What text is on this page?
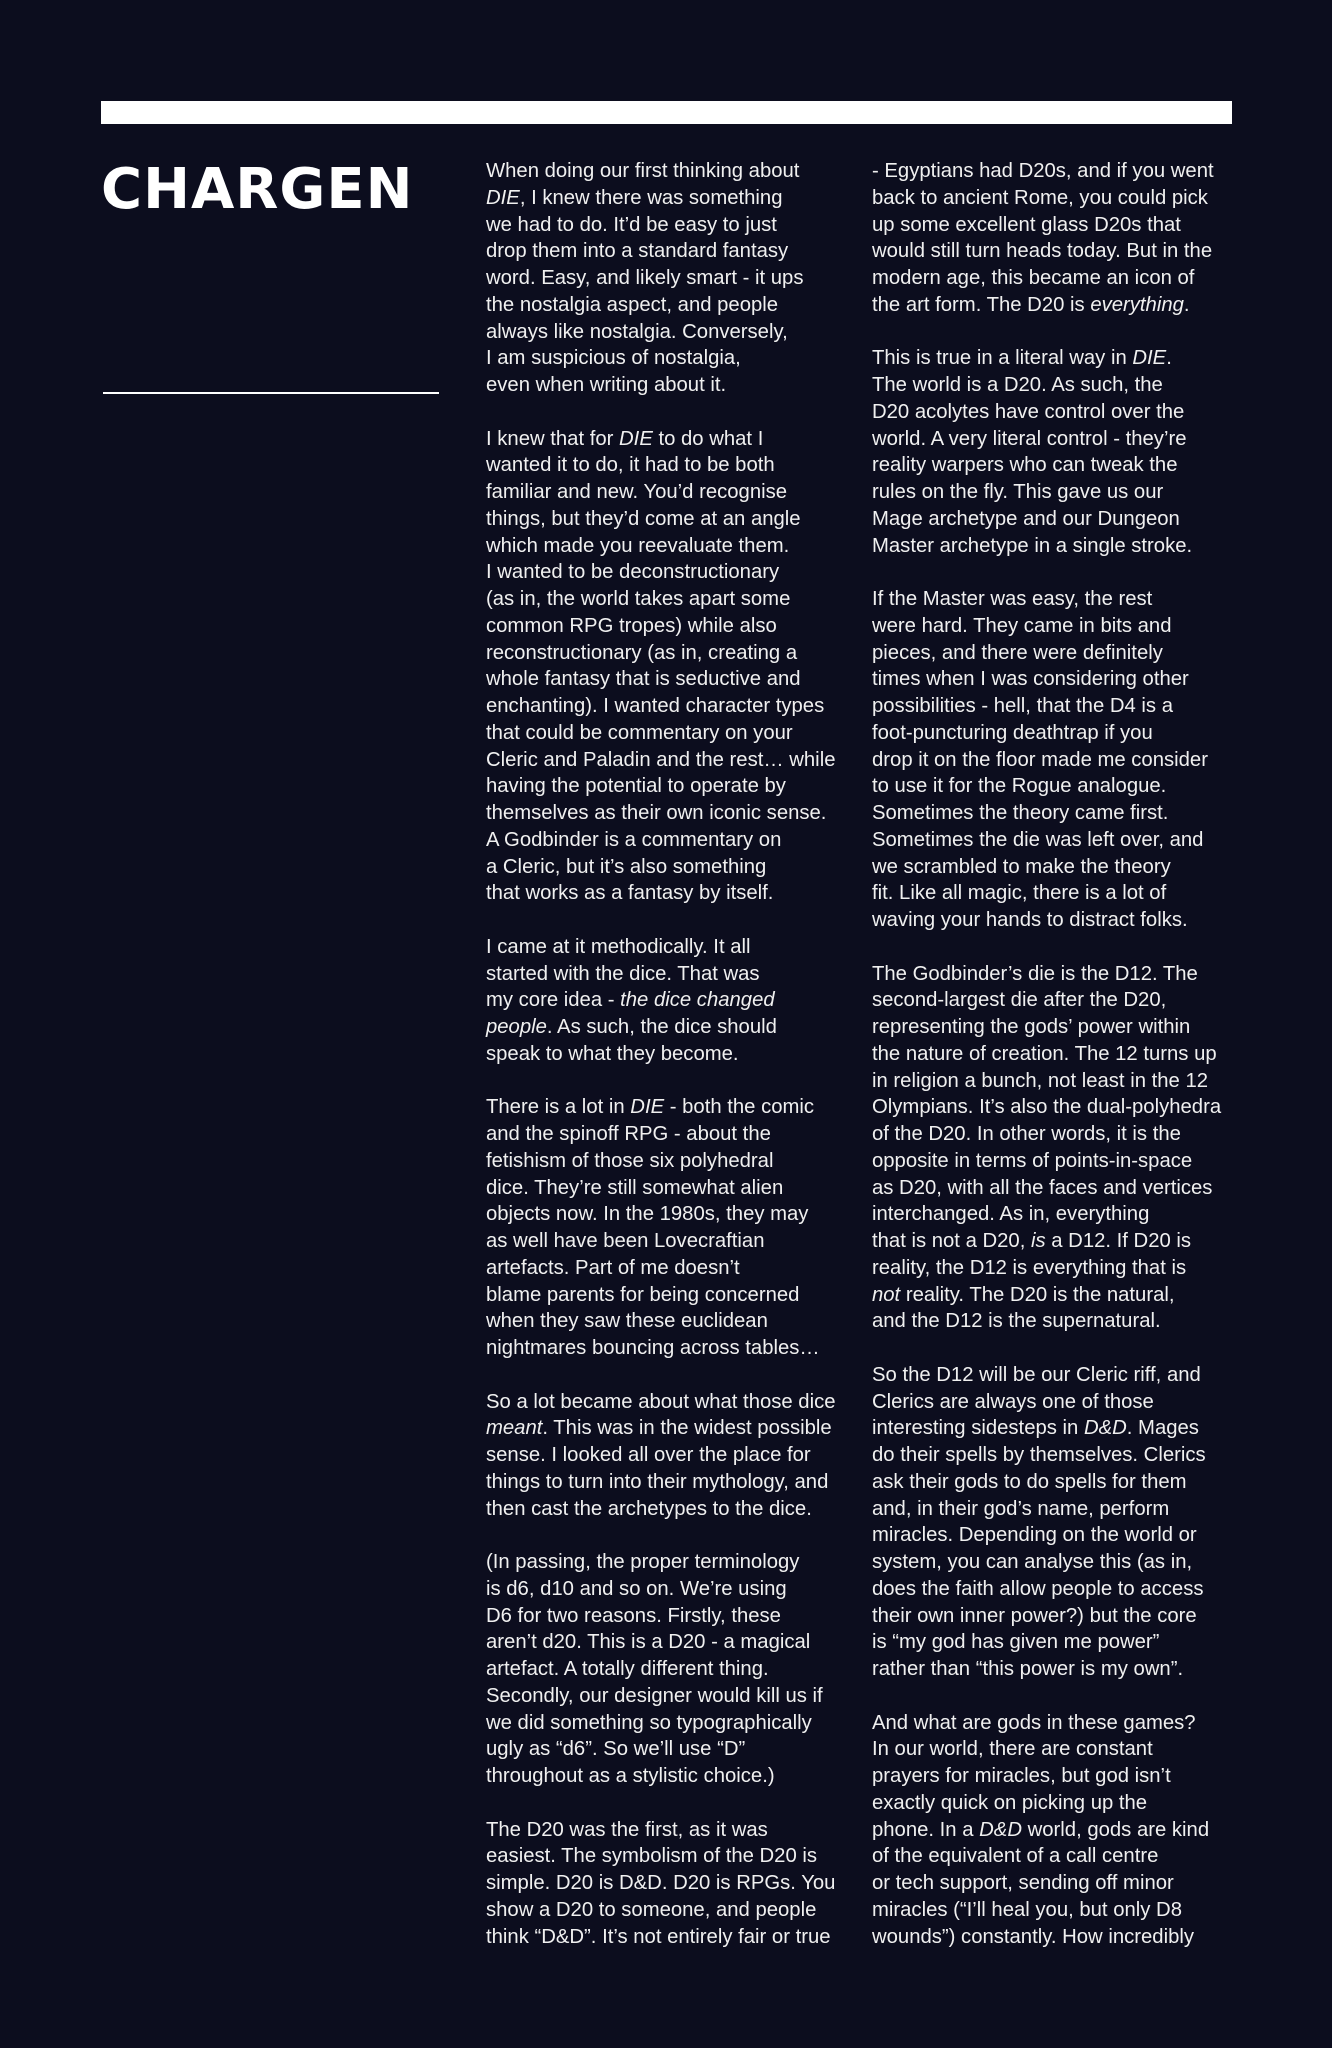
CHARGEN	When doing our first thinking about
DIE, I knew there was something
we had to do. It’d be easy to just
drop them into a standard fantasy
word. Easy, and likely smart - it ups
the nostalgia aspect, and people
always like nostalgia. Conversely,
I am suspicious of nostalgia,
even when writing about it.

I knew that for DIE to do what I
wanted it to do, it had to be both
familiar and new. You’d recognise
things, but they’d come at an angle
which made you reevaluate them.
I wanted to be deconstructionary
(as in, the world takes apart some
common RPG tropes) while also
reconstructionary (as in, creating a
whole fantasy that is seductive and
enchanting). I wanted character types
that could be commentary on your
Cleric and Paladin and the rest… while
having the potential to operate by
themselves as their own iconic sense.
A Godbinder is a commentary on
a Cleric, but it’s also something
that works as a fantasy by itself.

I came at it methodically. It all
started with the dice. That was
my core idea - the dice changed
people. As such, the dice should
speak to what they become.

There is a lot in DIE - both the comic
and the spinoff RPG - about the
fetishism of those six polyhedral
dice. They’re still somewhat alien
objects now. In the 1980s, they may
as well have been Lovecraftian
artefacts. Part of me doesn’t
blame parents for being concerned
when they saw these euclidean
nightmares bouncing across tables…

So a lot became about what those dice
meant. This was in the widest possible
sense. I looked all over the place for
things to turn into their mythology, and
then cast the archetypes to the dice.

(In passing, the proper terminology
is d6, d10 and so on. We’re using
D6 for two reasons. Firstly, these
aren’t d20. This is a D20 - a magical
artefact. A totally different thing.
Secondly, our designer would kill us if
we did something so typographically
ugly as “d6”. So we’ll use “D”
throughout as a stylistic choice.)

The D20 was the first, as it was
easiest. The symbolism of the D20 is
simple. D20 is D&D. D20 is RPGs. You
show a D20 to someone, and people
think “D&D”. It’s not entirely fair or true

- Egyptians had D20s, and if you went
back to ancient Rome, you could pick
up some excellent glass D20s that
would still turn heads today. But in the
modern age, this became an icon of
the art form. The D20 is everything.

This is true in a literal way in DIE.
The world is a D20. As such, the
D20 acolytes have control over the
world. A very literal control - they’re
reality warpers who can tweak the
rules on the fly. This gave us our
Mage archetype and our Dungeon
Master archetype in a single stroke.

If the Master was easy, the rest
were hard. They came in bits and
pieces, and there were definitely
times when I was considering other
possibilities - hell, that the D4 is a
foot-puncturing deathtrap if you
drop it on the floor made me consider
to use it for the Rogue analogue.
Sometimes the theory came first.
Sometimes the die was left over, and
we scrambled to make the theory
fit. Like all magic, there is a lot of
waving your hands to distract folks.

The Godbinder’s die is the D12. The
second-largest die after the D20,
representing the gods’ power within
the nature of creation. The 12 turns up
in religion a bunch, not least in the 12
Olympians. It’s also the dual-polyhedra
of the D20. In other words, it is the
opposite in terms of points-in-space
as D20, with all the faces and vertices
interchanged. As in, everything
that is not a D20, is a D12. If D20 is
reality, the D12 is everything that is
not reality. The D20 is the natural,
and the D12 is the supernatural.

So the D12 will be our Cleric riff, and
Clerics are always one of those
interesting sidesteps in D&D. Mages
do their spells by themselves. Clerics
ask their gods to do spells for them
and, in their god’s name, perform
miracles. Depending on the world or
system, you can analyse this (as in,
does the faith allow people to access
their own inner power?) but the core
is “my god has given me power”
rather than “this power is my own”.

And what are gods in these games?
In our world, there are constant
prayers for miracles, but god isn’t
exactly quick on picking up the
phone. In a D&D world, gods are kind
of the equivalent of a call centre
or tech support, sending off minor
miracles (“I’ll heal you, but only D8
wounds”) constantly. How incredibly
